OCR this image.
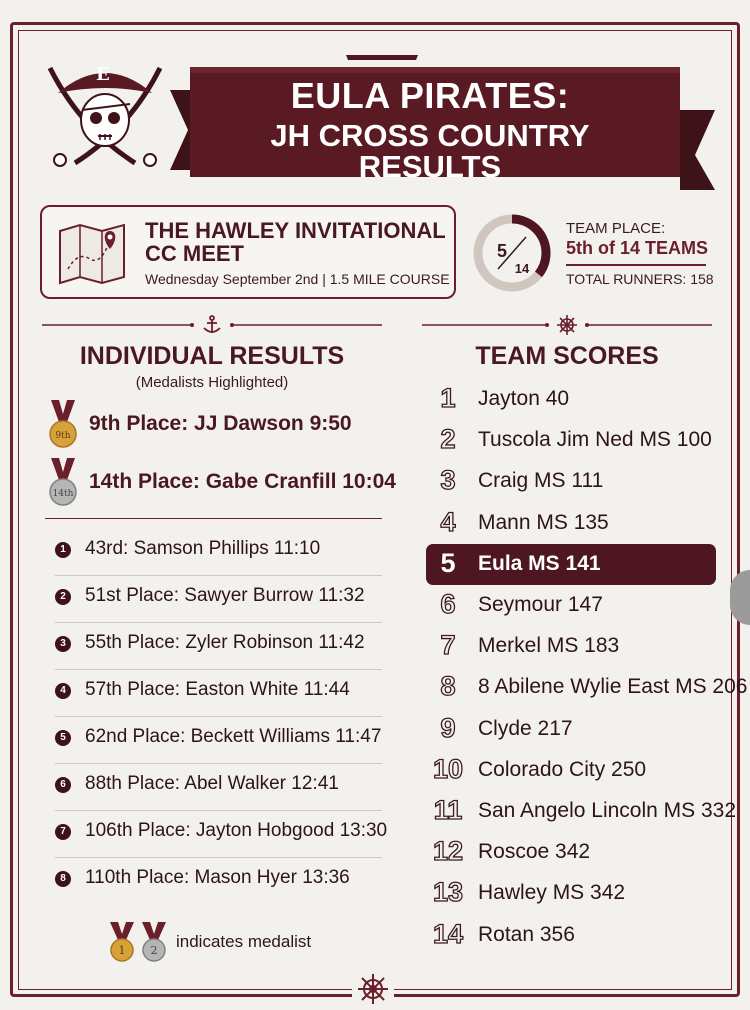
EULA PIRATES:
JH CROSS COUNTRY RESULTS
E
THE HAWLEY INVITATIONAL CC MEET
Wednesday September 2nd | 1.5 MILE COURSE
5
14
TEAM PLACE:
5th of 14 TEAMS
TOTAL RUNNERS: 158
INDIVIDUAL RESULTS
(Medalists Highlighted)
TEAM SCORES
9th
9th Place: JJ Dawson 9:50
14th
14th Place: Gabe Cranfill 10:04
1 43rd: Samson Phillips 11:10
2 51st Place: Sawyer Burrow 11:32
3 55th Place: Zyler Robinson 11:42
4 57th Place: Easton White 11:44
5 62nd Place: Beckett Williams 11:47
6 88th Place: Abel Walker 12:41
7 106th Place: Jayton Hobgood 13:30
8 110th Place: Mason Hyer 13:36
1	Jayton 40
2	Tuscola Jim Ned MS 100
3	Craig MS 111
4	Mann MS 135
5	Eula MS 141
6	Seymour 147
7	Merkel MS 183
8	8 Abilene Wylie East MS 206
9	Clyde 217
10 Colorado City 250
11 San Angelo Lincoln MS 332
12 Roscoe 342
13 Hawley MS 342
14 Rotan 356
1 2 indicates medalist
